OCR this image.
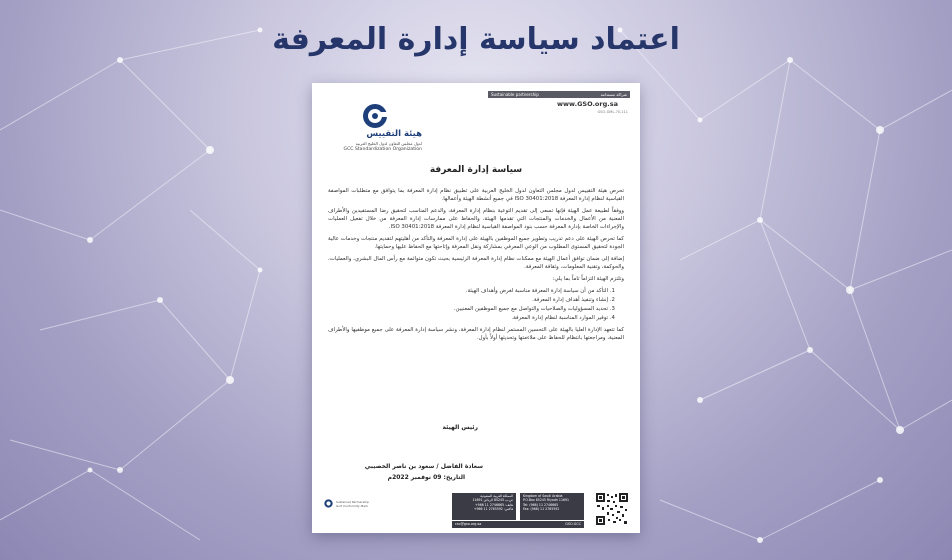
اعتماد سياسة إدارة المعرفة
Sustainable partnership	شراكة مستدامة
www.GSO.org.sa
GSO-GML-70-111
هيئة التقييس
لدول مجلس التعاون لدول الخليج العربية
GCC Standardization Organization
سياسة إدارة المعرفة

تحرص هيئة التقييس لدول مجلس التعاون لدول الخليج العربية على تطبيق نظام إدارة المعرفة بما يتوافق مع متطلبات المواصفة القياسية لنظام إدارة المعرفة ISO 30401:2018 في جميع أنشطة الهيئة وأعمالها.

ووفقاً لطبيعة عمل الهيئة فإنها تسعى إلى تقديم التوعية بنظام إدارة المعرفة، والدعم المناسب لتحقيق رضا المستفيدين والأطراف المعنية من الأعمال والخدمات والمنتجات التي تقدمها الهيئة، والحفاظ على ممارسات إدارة المعرفة من خلال تفعيل العمليات والإجراءات الخاصة بإدارة المعرفة حسب بنود المواصفة القياسية لنظام إدارة المعرفة ISO 30401:2018.

كما تحرص الهيئة على دعم تدريب وتطوير جميع الموظفين بالهيئة على إدارة المعرفة والتأكد من أهليتهم لتقديم منتجات وخدمات عالية الجودة لتحقيق المستوى المطلوب من الوعي المعرفي بمشاركة ونقل المعرفة وإتاحتها مع الحفاظ عليها وحمايتها.

إضافة إلى ضمان توافق أعمال الهيئة مع ممكنات نظام إدارة المعرفة الرئيسية بحيث تكون متوائمة مع رأس المال البشري، والعمليات، والحوكمة، وتقنية المعلومات، وثقافة المعرفة.

وتلتزم الهيئة التزاماً تاماً بما يلي:

1. التأكد من أن سياسة إدارة المعرفة مناسبة لغرض وأهداف الهيئة.
2. إنشاء وتنفيذ أهداف إدارة المعرفة.
3. تحديد المسؤوليات والصلاحيات والتواصل مع جميع الموظفين المعنيين.
4. توفير الموارد المناسبة لنظام إدارة المعرفة.

كما تتعهد الإدارة العليا بالهيئة على التحسين المستمر لنظام إدارة المعرفة، ونشر سياسة إدارة المعرفة على جميع موظفيها والأطراف المعنية، ومراجعتها بانتظام للحفاظ على ملاءمتها وتحديثها أولاً بأول.

رئيس الهيئة
سعادة الفاضل / سعود بن ناصر الخصيبي
التاريخ: 09 نوفمبر 2022م
Sustained Partnership
Gulf Conformity Mark
المملكة العربية السعودية
ص.ب 85245 الرياض 11691
هاتف: 2746665 11 966+
فاكس: 2765592 11 966+
Kingdom of Saudi Arabia
P.O.Box 85245 Riyadh 11691
Tel: (966) 11 2746665
Fax: (966) 11 2765592
csc@gso.org.sa	GSO.GCC
